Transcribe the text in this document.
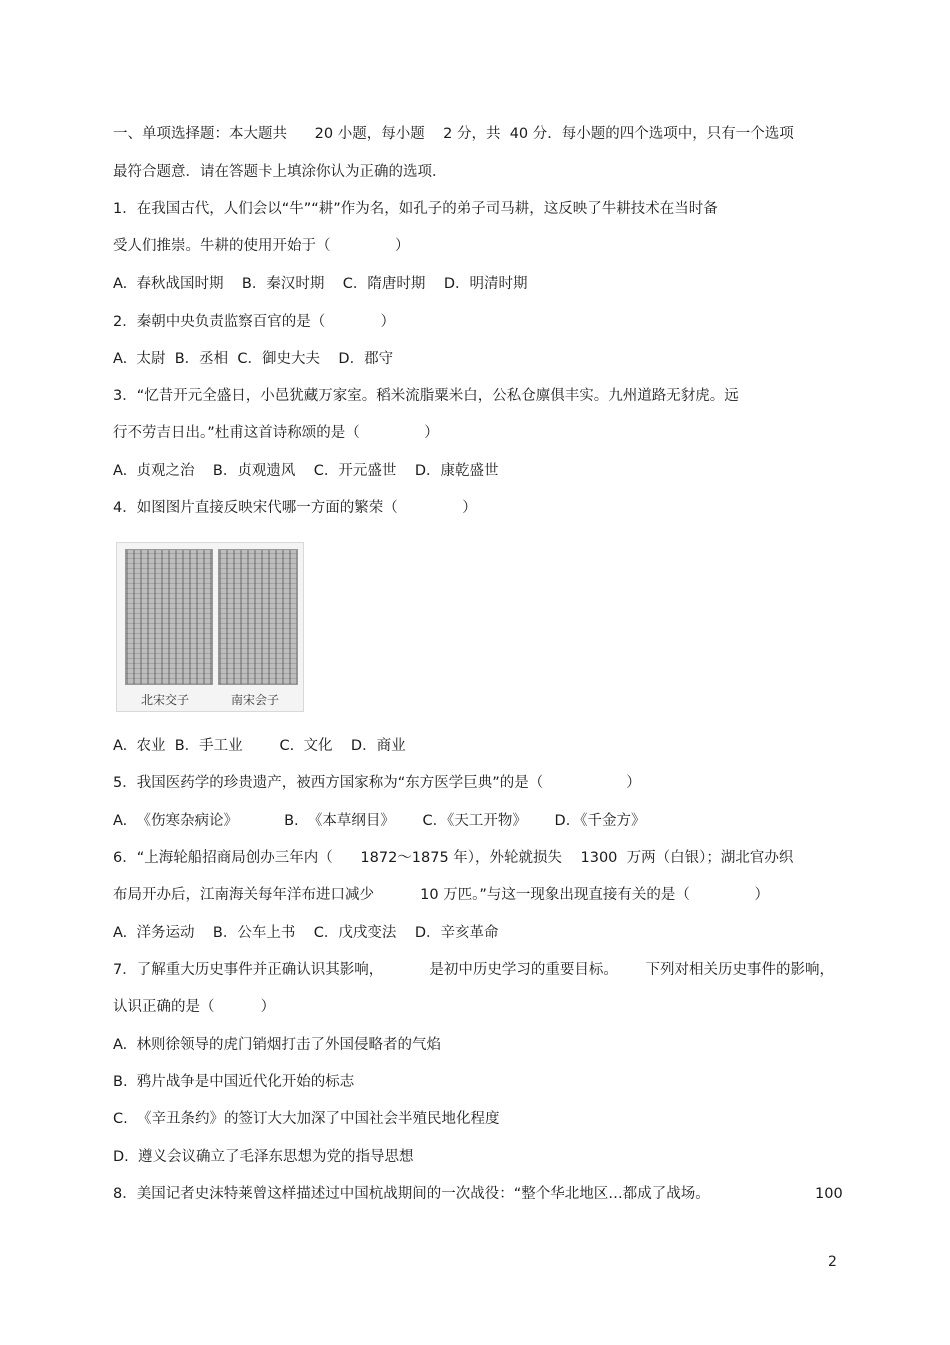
一、单项选择题：本大题共      20 小题，每小题    2 分，共  40 分．每小题的四个选项中，只有一个选项
最符合题意．请在答题卡上填涂你认为正确的选项．
1．在我国古代，人们会以“牛”“耕”作为名，如孔子的弟子司马耕，这反映了牛耕技术在当时备
受人们推崇。牛耕的使用开始于（              ）
A.  春秋战国时期    B．秦汉时期    C．隋唐时期    D．明清时期
2．秦朝中央负责监察百官的是（            ）
A.  太尉  B．丞相  C．御史大夫    D．郡守
3．“忆昔开元全盛日，小邑犹藏万家室。稻米流脂粟米白，公私仓廪俱丰实。九州道路无豺虎。远
行不劳吉日出。”杜甫这首诗称颂的是（              ）
A.  贞观之治    B．贞观遗风    C．开元盛世    D．康乾盛世
4．如图图片直接反映宋代哪一方面的繁荣（              ）
北宋交子	南宋会子
A.  农业  B．手工业        C.  文化    D．商业
5．我国医药学的珍贵遗产，被西方国家称为“东方医学巨典”的是（                  ）
A.  《伤寒杂病论》          B.  《本草纲目》      C．《天工开物》      D．《千金方》
6．“上海轮船招商局创办三年内（      1872～1875 年），外轮就损失    1300  万两（白银）；湖北官办织
布局开办后，江南海关每年洋布进口减少          10 万匹。”与这一现象出现直接有关的是（              ）
A.  洋务运动    B．公车上书    C．戊戌变法    D．辛亥革命
7．了解重大历史事件并正确认识其影响，          是初中历史学习的重要目标。      下列对相关历史事件的影响，
认识正确的是（          ）
A.  林则徐领导的虎门销烟打击了外国侵略者的气焰
B.  鸦片战争是中国近代化开始的标志
C.  《辛丑条约》的签订大大加深了中国社会半殖民地化程度
D.  遵义会议确立了毛泽东思想为党的指导思想
8．美国记者史沫特莱曾这样描述过中国杭战期间的一次战役：“整个华北地区…都成了战场。	100
2
